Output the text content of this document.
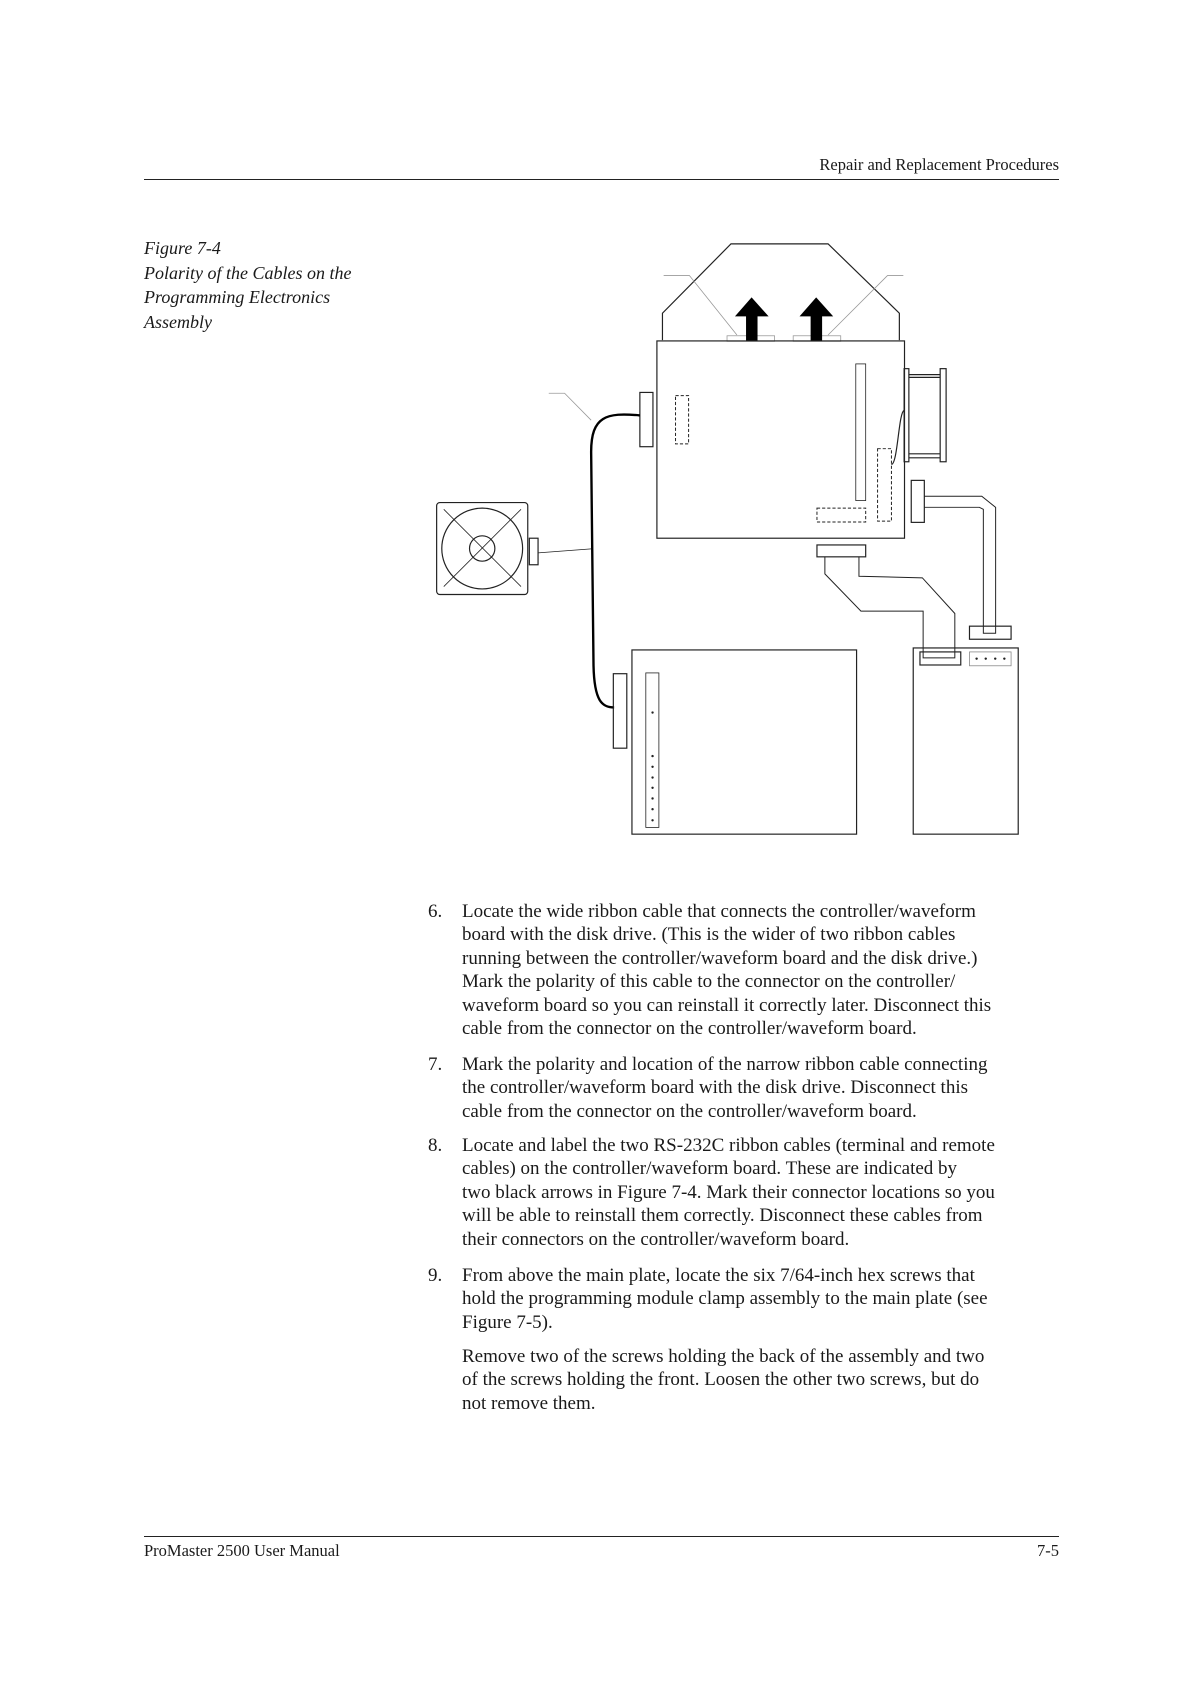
Repair and Replacement Procedures
Figure 7-4
Polarity of the Cables on the
Programming Electronics
Assembly
6. Locate the wide ribbon cable that connects the controller/waveform
board with the disk drive. (This is the wider of two ribbon cables
running between the controller/waveform board and the disk drive.)
Mark the polarity of this cable to the connector on the controller/
waveform board so you can reinstall it correctly later. Disconnect this
cable from the connector on the controller/waveform board.
7. Mark the polarity and location of the narrow ribbon cable connecting
the controller/waveform board with the disk drive. Disconnect this
cable from the connector on the controller/waveform board.
8. Locate and label the two RS-232C ribbon cables (terminal and remote
cables) on the controller/waveform board. These are indicated by
two black arrows in Figure 7-4. Mark their connector locations so you
will be able to reinstall them correctly. Disconnect these cables from
their connectors on the controller/waveform board.
9. From above the main plate, locate the six 7/64-inch hex screws that
hold the programming module clamp assembly to the main plate (see
Figure 7-5).
Remove two of the screws holding the back of the assembly and two
of the screws holding the front. Loosen the other two screws, but do
not remove them.
ProMaster 2500 User Manual	7-5
